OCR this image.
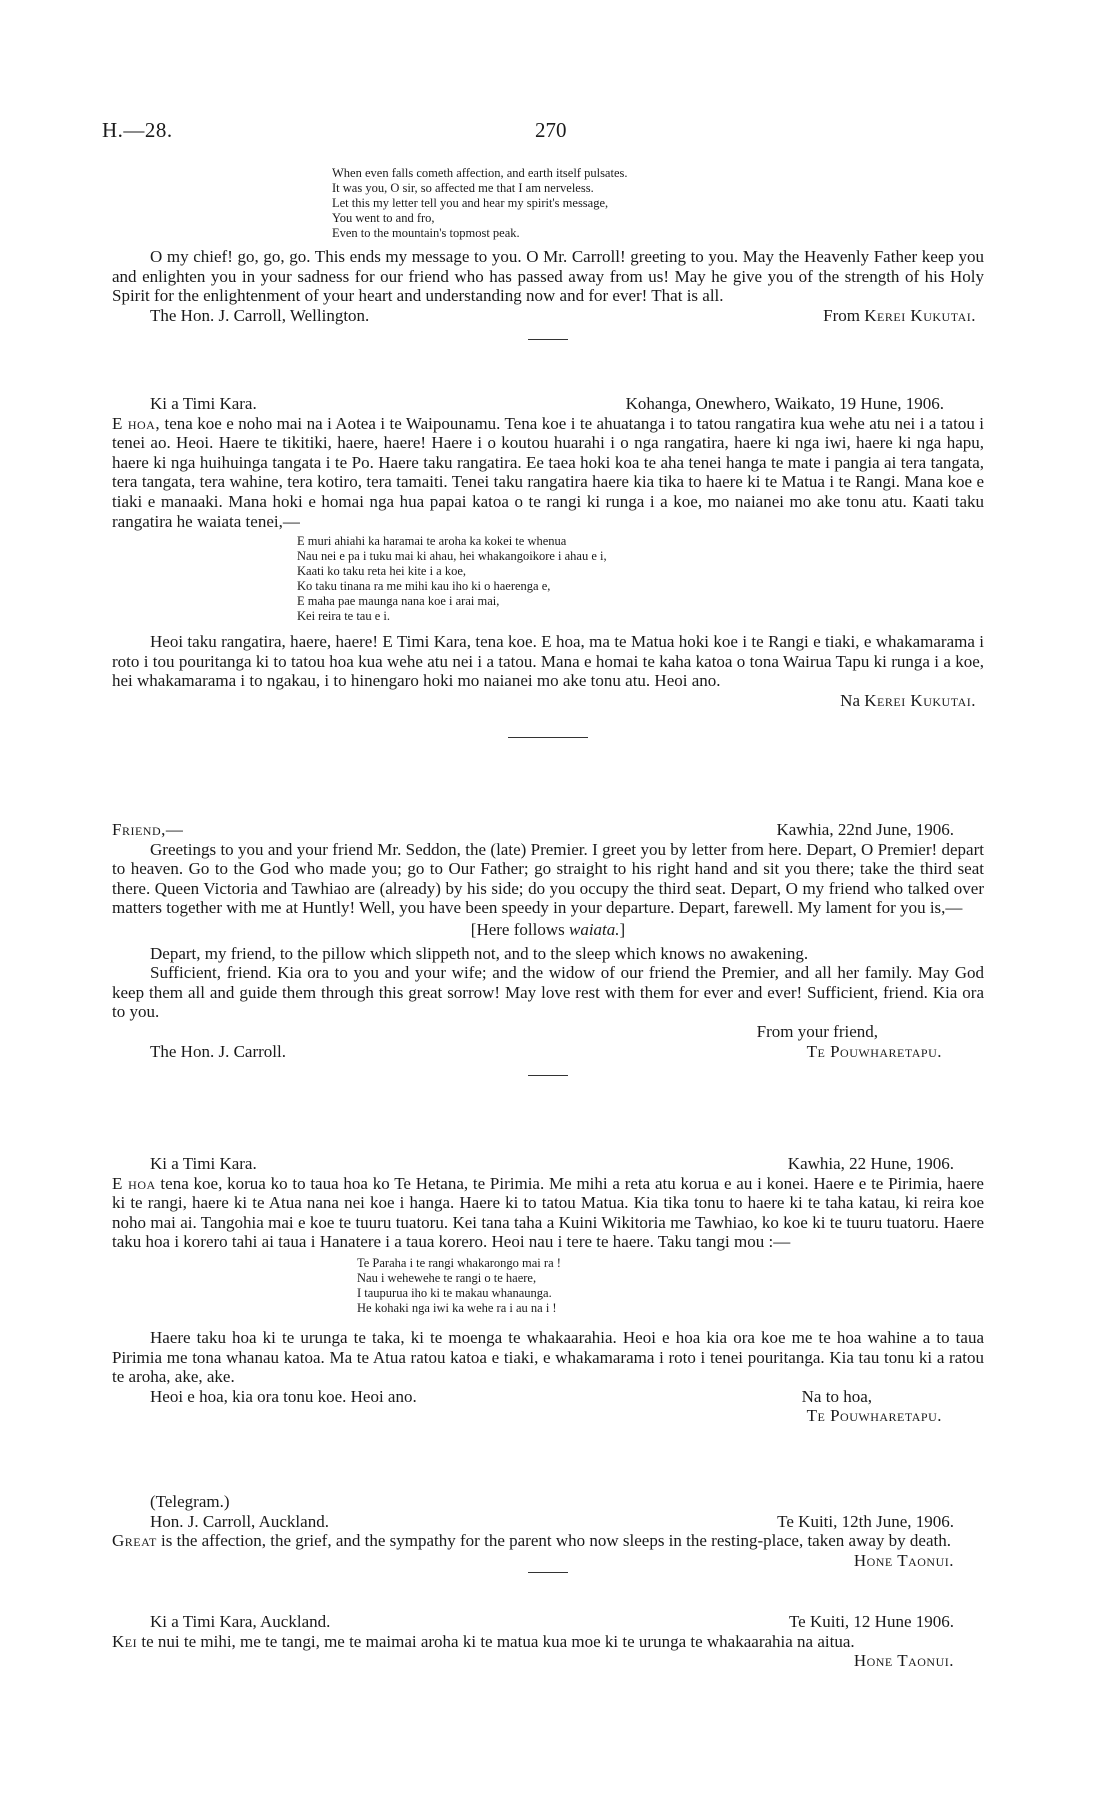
H.—28.	270

When even falls cometh affection, and earth itself pulsates.

It was you, O sir, so affected me that I am nerveless.

Let this my letter tell you and hear my spirit's message,

You went to and fro,

Even to the mountain's topmost peak.

O my chief! go, go, go. This ends my message to you. O Mr. Carroll! greeting to you. May the Heavenly Father keep you and enlighten you in your sadness for our friend who has passed away from us! May he give you of the strength of his Holy Spirit for the enlightenment of your heart and understanding now and for ever! That is all.

The Hon. J. Carroll, Wellington.	From Kerei Kukutai.
Ki a Timi Kara.	Kohanga, Onewhero, Waikato, 19 Hune, 1906.

E hoa, tena koe e noho mai na i Aotea i te Waipounamu. Tena koe i te ahuatanga i to tatou rangatira kua wehe atu nei i a tatou i tenei ao. Heoi. Haere te tikitiki, haere, haere! Haere i o koutou huarahi i o nga rangatira, haere ki nga iwi, haere ki nga hapu, haere ki nga huihuinga tangata i te Po. Haere taku rangatira. Ee taea hoki koa te aha tenei hanga te mate i pangia ai tera tangata, tera tangata, tera wahine, tera kotiro, tera tamaiti. Tenei taku rangatira haere kia tika to haere ki te Matua i te Rangi. Mana koe e tiaki e manaaki. Mana hoki e homai nga hua papai katoa o te rangi ki runga i a koe, mo naianei mo ake tonu atu. Kaati taku rangatira he waiata tenei,—

E muri ahiahi ka haramai te aroha ka kokei te whenua

Nau nei e pa i tuku mai ki ahau, hei whakangoikore i ahau e i,

Kaati ko taku reta hei kite i a koe,

Ko taku tinana ra me mihi kau iho ki o haerenga e,

E maha pae maunga nana koe i arai mai,

Kei reira te tau e i.

Heoi taku rangatira, haere, haere! E Timi Kara, tena koe. E hoa, ma te Matua hoki koe i te Rangi e tiaki, e whakamarama i roto i tou pouritanga ki to tatou hoa kua wehe atu nei i a tatou. Mana e homai te kaha katoa o tona Wairua Tapu ki runga i a koe, hei whakamarama i to ngakau, i to hinengaro hoki mo naianei mo ake tonu atu. Heoi ano.

Na Kerei Kukutai.
Friend,—	Kawhia, 22nd June, 1906.

Greetings to you and your friend Mr. Seddon, the (late) Premier. I greet you by letter from here. Depart, O Premier! depart to heaven. Go to the God who made you; go to Our Father; go straight to his right hand and sit you there; take the third seat there. Queen Victoria and Tawhiao are (already) by his side; do you occupy the third seat. Depart, O my friend who talked over matters together with me at Huntly! Well, you have been speedy in your departure. Depart, farewell. My lament for you is,—

[Here follows waiata.]

Depart, my friend, to the pillow which slippeth not, and to the sleep which knows no awakening.

Sufficient, friend. Kia ora to you and your wife; and the widow of our friend the Premier, and all her family. May God keep them all and guide them through this great sorrow! May love rest with them for ever and ever! Sufficient, friend. Kia ora to you.

From your friend,
The Hon. J. Carroll.	Te Pouwharetapu.
Ki a Timi Kara.	Kawhia, 22 Hune, 1906.

E hoa tena koe, korua ko to taua hoa ko Te Hetana, te Pirimia. Me mihi a reta atu korua e au i konei. Haere e te Pirimia, haere ki te rangi, haere ki te Atua nana nei koe i hanga. Haere ki to tatou Matua. Kia tika tonu to haere ki te taha katau, ki reira koe noho mai ai. Tangohia mai e koe te tuuru tuatoru. Kei tana taha a Kuini Wikitoria me Tawhiao, ko koe ki te tuuru tuatoru. Haere taku hoa i korero tahi ai taua i Hanatere i a taua korero. Heoi nau i tere te haere. Taku tangi mou :—

Te Paraha i te rangi whakarongo mai ra !

Nau i wehewehe te rangi o te haere,

I taupurua iho ki te makau whanaunga.

He kohaki nga iwi ka wehe ra i au na i !

Haere taku hoa ki te urunga te taka, ki te moenga te whakaarahia. Heoi e hoa kia ora koe me te hoa wahine a to taua Pirimia me tona whanau katoa. Ma te Atua ratou katoa e tiaki, e whakamarama i roto i tenei pouritanga. Kia tau tonu ki a ratou te aroha, ake, ake.

Heoi e hoa, kia ora tonu koe. Heoi ano.	Na to hoa,
Te Pouwharetapu.
(Telegram.)
Hon. J. Carroll, Auckland.	Te Kuiti, 12th June, 1906.

Great is the affection, the grief, and the sympathy for the parent who now sleeps in the resting-place, taken away by death.

Hone Taonui.
Ki a Timi Kara, Auckland.	Te Kuiti, 12 Hune 1906.

Kei te nui te mihi, me te tangi, me te maimai aroha ki te matua kua moe ki te urunga te whakaarahia na aitua.

Hone Taonui.
